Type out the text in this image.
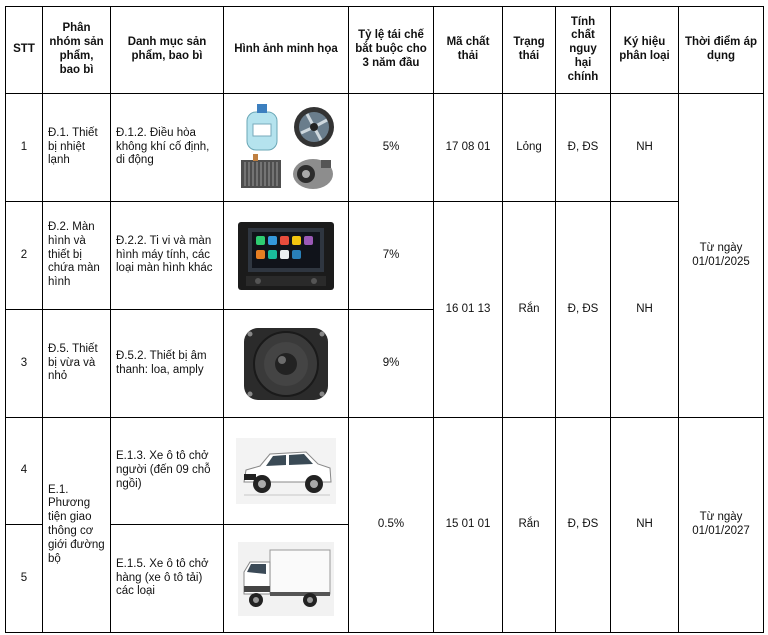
STT	Phân nhóm sản phẩm, bao bì	Danh mục sản phẩm, bao bì	Hình ảnh minh họa	Tỷ lệ tái chế bắt buộc cho 3 năm đầu	Mã chất thải	Trạng thái	Tính chất nguy hại chính	Ký hiệu phân loại	Thời điểm áp dụng
1	Đ.1. Thiết bị nhiệt lạnh	Đ.1.2. Điều hòa không khí cố định, di động		5%	17 08 01	Lỏng	Đ, ĐS	NH	Từ ngày 01/01/2025
2	Đ.2. Màn hình và thiết bị chứa màn hình	Đ.2.2. Ti vi và màn hình máy tính, các loại màn hình khác		7%	16 01 13	Rắn	Đ, ĐS	NH	
3	Đ.5. Thiết bị vừa và nhỏ	Đ.5.2. Thiết bị âm thanh: loa, amply		9%					
4	E.1. Phương tiện giao thông cơ giới đường bộ	E.1.3. Xe ô tô chở người (đến 09 chỗ ngồi)		0.5%	15 01 01	Rắn	Đ, ĐS	NH	Từ ngày 01/01/2027
5		E.1.5. Xe ô tô chở hàng (xe ô tô tải) các loại	
